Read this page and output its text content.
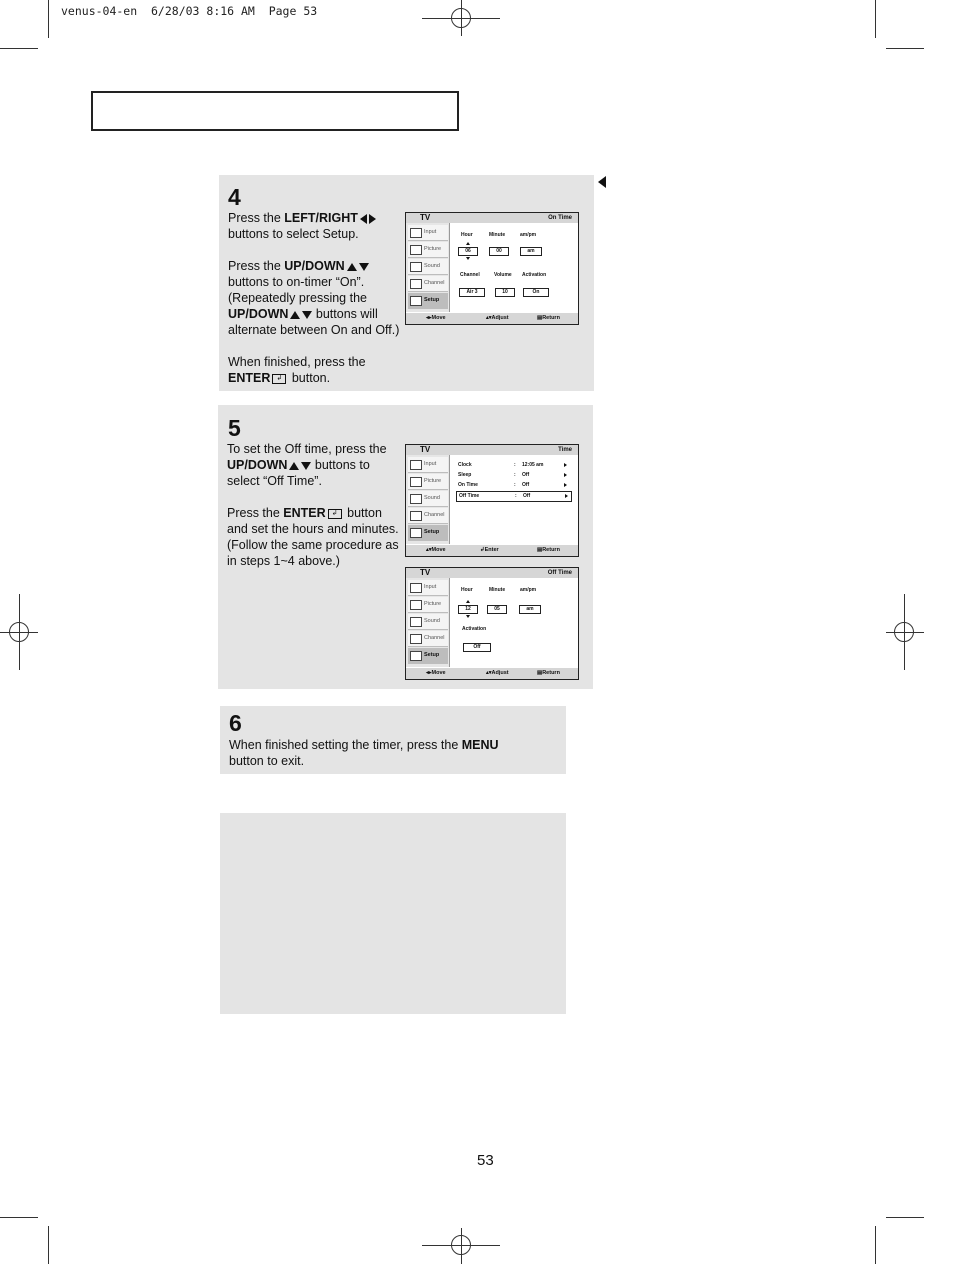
venus-04-en  6/28/03 8:16 AM  Page 53
4

Press the LEFT/RIGHT buttons to select Setup.

Press the UP/DOWN buttons to on-timer “On”. (Repeatedly pressing the UP/DOWN buttons will alternate between On and Off.)

When finished, press the ENTER ↲ button.

TV	On Time
Input
Picture
Sound
Channel
Setup
Hour	Minute	am/pm
06	00	am
Channel	Volume Activation
Air 3	10	On
◂▸Move	▴▾Adjust	▤Return
5

To set the Off time, press the UP/DOWN buttons to select “Off Time”.

Press the ENTER ↲ button and set the hours and minutes. (Follow the same procedure as in steps 1~4 above.)

TV	Time
Input
Picture
Sound
Channel
Setup
Clock	: 12:05 am
Sleep	: Off
On Time	: Off
Off Time	: Off
▴▾Move	↲Enter	▤Return
TV	Off Time
Input
Picture
Sound
Channel
Setup
Hour	Minute	am/pm
12	05	am
Activation
Off
◂▸Move	▴▾Adjust	▤Return
6

When finished setting the timer, press the MENU button to exit.

53
